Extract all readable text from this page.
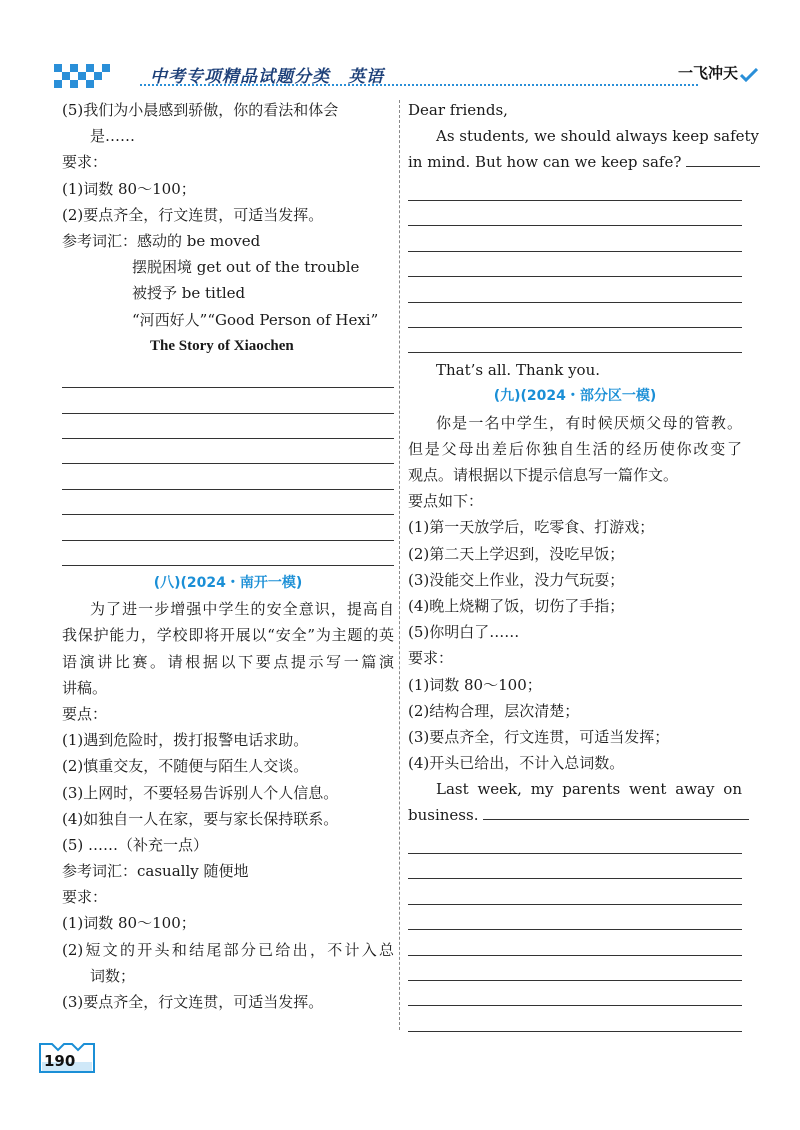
中考专项精品试题分类　英语	一飞冲天
(5)我们为小晨感到骄傲，你的看法和体会
是……
要求：
(1)词数 80～100；
(2)要点齐全，行文连贯，可适当发挥。
参考词汇：感动的 be moved
摆脱困境 get out of the trouble
被授予 be titled
“河西好人”“Good Person of Hexi”
The Story of Xiaochen
(八)(2024・南开一模)
为了进一步增强中学生的安全意识，提高自
我保护能力，学校即将开展以“安全”为主题的英
语演讲比赛。请根据以下要点提示写一篇演
讲稿。
要点：
(1)遇到危险时，拨打报警电话求助。
(2)慎重交友，不随便与陌生人交谈。
(3)上网时，不要轻易告诉别人个人信息。
(4)如独自一人在家，要与家长保持联系。
(5) ……（补充一点）
参考词汇：casually 随便地
要求：
(1)词数 80～100；
(2)短文的开头和结尾部分已给出，不计入总
词数；
(3)要点齐全，行文连贯，可适当发挥。
Dear friends,
As students, we should always keep safety
in mind. But how can we keep safe?
That’s all. Thank you.
(九)(2024・部分区一模)
你是一名中学生，有时候厌烦父母的管教。
但是父母出差后你独自生活的经历使你改变了
观点。请根据以下提示信息写一篇作文。
要点如下：
(1)第一天放学后，吃零食、打游戏；
(2)第二天上学迟到，没吃早饭；
(3)没能交上作业，没力气玩耍；
(4)晚上烧糊了饭，切伤了手指；
(5)你明白了……
要求：
(1)词数 80～100；
(2)结构合理，层次清楚；
(3)要点齐全，行文连贯，可适当发挥；
(4)开头已给出，不计入总词数。
Last week, my parents went away on
business.
190
